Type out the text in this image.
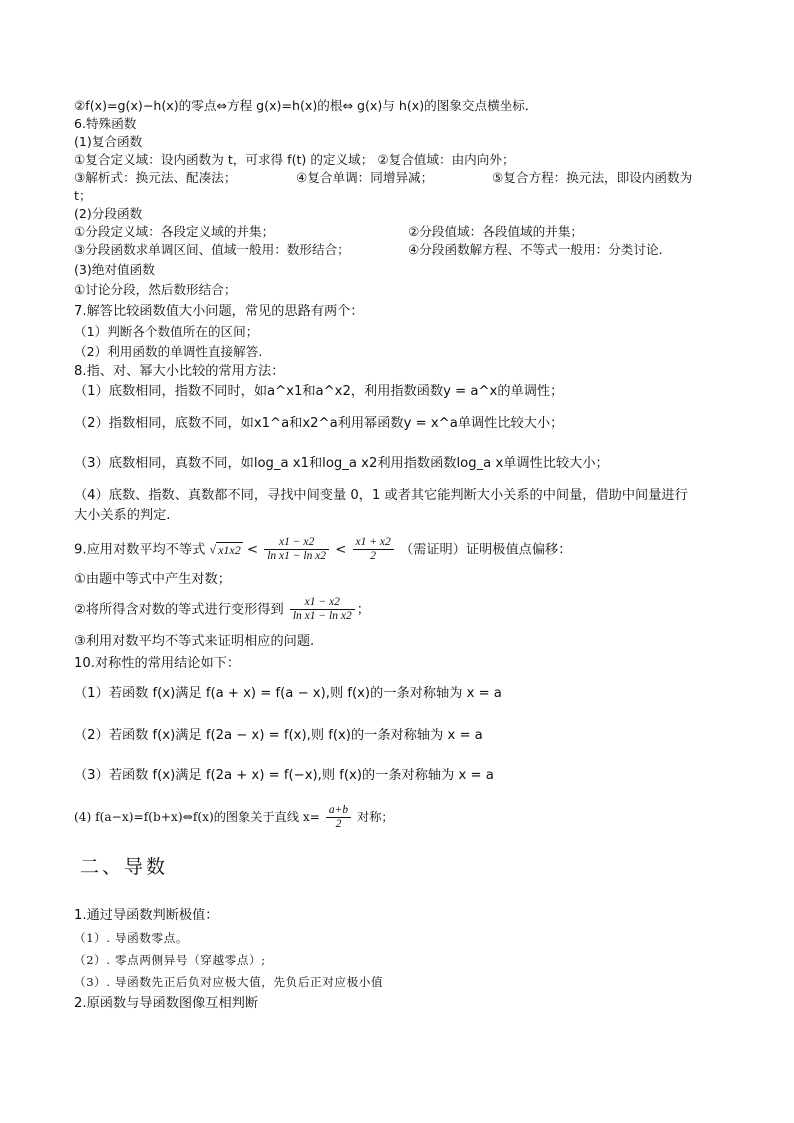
②f(x)=g(x)−h(x)的零点⇔方程 g(x)=h(x)的根⇔ g(x)与 h(x)的图象交点横坐标．
6.特殊函数
(1)复合函数
①复合定义域：设内函数为 t，可求得 f(t) 的定义域； ②复合值域：由内向外；
③解析式：换元法、配凑法；	④复合单调：同增异减；	⑤复合方程：换元法，即设内函数为
t；
(2)分段函数
①分段定义域：各段定义域的并集；	②分段值域：各段值域的并集；
③分段函数求单调区间、值域一般用：数形结合；	④分段函数解方程、不等式一般用：分类讨论.
(3)绝对值函数
①讨论分段，然后数形结合；
7.解答比较函数值大小问题，常见的思路有两个：
（1）判断各个数值所在的区间；
（2）利用函数的单调性直接解答.
8.指、对、幂大小比较的常用方法：
（1）底数相同，指数不同时，如a^x1和a^x2，利用指数函数y = a^x的单调性；
（2）指数相同，底数不同，如x1^a和x2^a利用幂函数y = x^a单调性比较大小；
（3）底数相同，真数不同，如log_a x1和log_a x2利用指数函数log_a x单调性比较大小；
（4）底数、指数、真数都不同，寻找中间变量 0，1 或者其它能判断大小关系的中间量，借助中间量进行
大小关系的判定.
9.应用对数平均不等式 √ $x1x2 < \frac{x1 - x2}{\text{ln x1 − ln x2}} < \frac{x1 + x2}{2}$ （需证明）证明极值点偏移：
①由题中等式中产生对数；
②将所得含对数的等式进行变形得到 $\frac{x1 - x2}{\text{ln x1 − ln x2}}$ ；
③利用对数平均不等式来证明相应的问题.
10.对称性的常用结论如下：
（1）若函数 f(x)满足 f(a + x) = f(a − x),则 f(x)的一条对称轴为 x = a
（2）若函数 f(x)满足 f(2a − x) = f(x),则 f(x)的一条对称轴为 x = a
（3）若函数 f(x)满足 f(2a + x) = f(−x),则 f(x)的一条对称轴为 x = a
(4) f(a−x)=f(b+x)⇔f(x)的图象关于直线 $x= \frac{a+b}{2}$ 对称；
二、导数
1.通过导函数判断极值：
（1）. 导函数零点。
（2）. 零点两侧异号（穿越零点）;
（3）. 导函数先正后负对应极大值，先负后正对应极小值
2.原函数与导函数图像互相判断
